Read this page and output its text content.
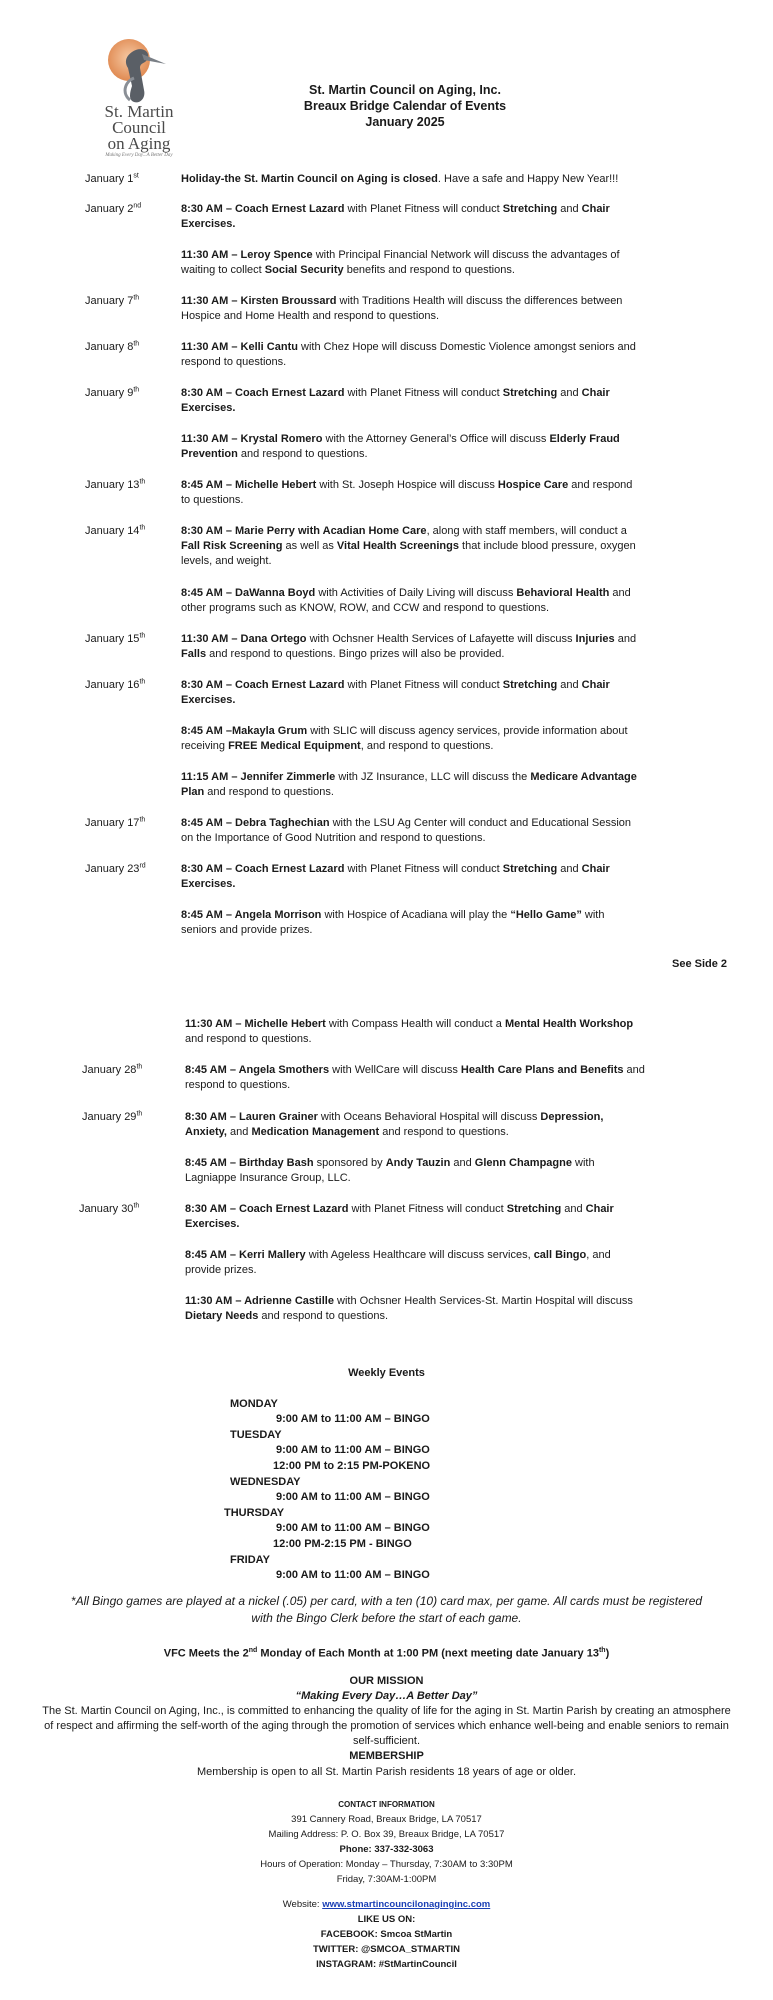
St. Martin
Council
on Aging
Making Every Day...A Better Day
St. Martin Council on Aging, Inc.
Breaux Bridge Calendar of Events
January 2025
January 1st	Holiday-the St. Martin Council on Aging is closed. Have a safe and Happy New Year!!!
January 2nd	8:30 AM – Coach Ernest Lazard with Planet Fitness will conduct Stretching and Chair Exercises.
11:30 AM – Leroy Spence with Principal Financial Network will discuss the advantages of waiting to collect Social Security benefits and respond to questions.
January 7th	11:30 AM – Kirsten Broussard with Traditions Health will discuss the differences between Hospice and Home Health and respond to questions.
January 8th	11:30 AM – Kelli Cantu with Chez Hope will discuss Domestic Violence amongst seniors and respond to questions.
January 9th	8:30 AM – Coach Ernest Lazard with Planet Fitness will conduct Stretching and Chair Exercises.
11:30 AM – Krystal Romero with the Attorney General’s Office will discuss Elderly Fraud Prevention and respond to questions.
January 13th	8:45 AM – Michelle Hebert with St. Joseph Hospice will discuss Hospice Care and respond to questions.
January 14th	8:30 AM – Marie Perry with Acadian Home Care, along with staff members, will conduct a Fall Risk Screening as well as Vital Health Screenings that include blood pressure, oxygen levels, and weight.
8:45 AM – DaWanna Boyd with Activities of Daily Living will discuss Behavioral Health and other programs such as KNOW, ROW, and CCW and respond to questions.
January 15th	11:30 AM – Dana Ortego with Ochsner Health Services of Lafayette will discuss Injuries and Falls and respond to questions. Bingo prizes will also be provided.
January 16th	8:30 AM – Coach Ernest Lazard with Planet Fitness will conduct Stretching and Chair Exercises.
8:45 AM –Makayla Grum with SLIC will discuss agency services, provide information about receiving FREE Medical Equipment, and respond to questions.
11:15 AM – Jennifer Zimmerle with JZ Insurance, LLC will discuss the Medicare Advantage Plan and respond to questions.
January 17th	8:45 AM – Debra Taghechian with the LSU Ag Center will conduct and Educational Session on the Importance of Good Nutrition and respond to questions.
January 23rd	8:30 AM – Coach Ernest Lazard with Planet Fitness will conduct Stretching and Chair Exercises.
8:45 AM – Angela Morrison with Hospice of Acadiana will play the “Hello Game” with seniors and provide prizes.
See Side 2
11:30 AM – Michelle Hebert with Compass Health will conduct a Mental Health Workshop and respond to questions.
January 28th	8:45 AM – Angela Smothers with WellCare will discuss Health Care Plans and Benefits and respond to questions.
January 29th	8:30 AM – Lauren Grainer with Oceans Behavioral Hospital will discuss Depression, Anxiety, and Medication Management and respond to questions.
8:45 AM – Birthday Bash sponsored by Andy Tauzin and Glenn Champagne with Lagniappe Insurance Group, LLC.
January 30th	8:30 AM – Coach Ernest Lazard with Planet Fitness will conduct Stretching and Chair Exercises.
8:45 AM – Kerri Mallery with Ageless Healthcare will discuss services, call Bingo, and provide prizes.
11:30 AM – Adrienne Castille with Ochsner Health Services-St. Martin Hospital will discuss Dietary Needs and respond to questions.
Weekly Events
MONDAY
9:00 AM to 11:00 AM – BINGO
TUESDAY
9:00 AM to 11:00 AM – BINGO
12:00 PM to 2:15 PM-POKENO
WEDNESDAY
9:00 AM to 11:00 AM – BINGO
THURSDAY
9:00 AM to 11:00 AM – BINGO
12:00 PM-2:15 PM - BINGO
FRIDAY
9:00 AM to 11:00 AM – BINGO
*All Bingo games are played at a nickel (.05) per card, with a ten (10) card max, per game. All cards must be registered with the Bingo Clerk before the start of each game.
VFC Meets the 2nd Monday of Each Month at 1:00 PM (next meeting date January 13th)
OUR MISSION
“Making Every Day…A Better Day”
The St. Martin Council on Aging, Inc., is committed to enhancing the quality of life for the aging in St. Martin Parish by creating an atmosphere of respect and affirming the self-worth of the aging through the promotion of services which enhance well-being and enable seniors to remain self-sufficient.
MEMBERSHIP
Membership is open to all St. Martin Parish residents 18 years of age or older.
CONTACT INFORMATION
391 Cannery Road, Breaux Bridge, LA 70517
Mailing Address: P. O. Box 39, Breaux Bridge, LA 70517
Phone: 337-332-3063
Hours of Operation: Monday – Thursday, 7:30AM to 3:30PM
Friday, 7:30AM-1:00PM
Website: www.stmartincouncilonaginginc.com
LIKE US ON:
FACEBOOK: Smcoa StMartin
TWITTER: @SMCOA_STMARTIN
INSTAGRAM: #StMartinCouncil
